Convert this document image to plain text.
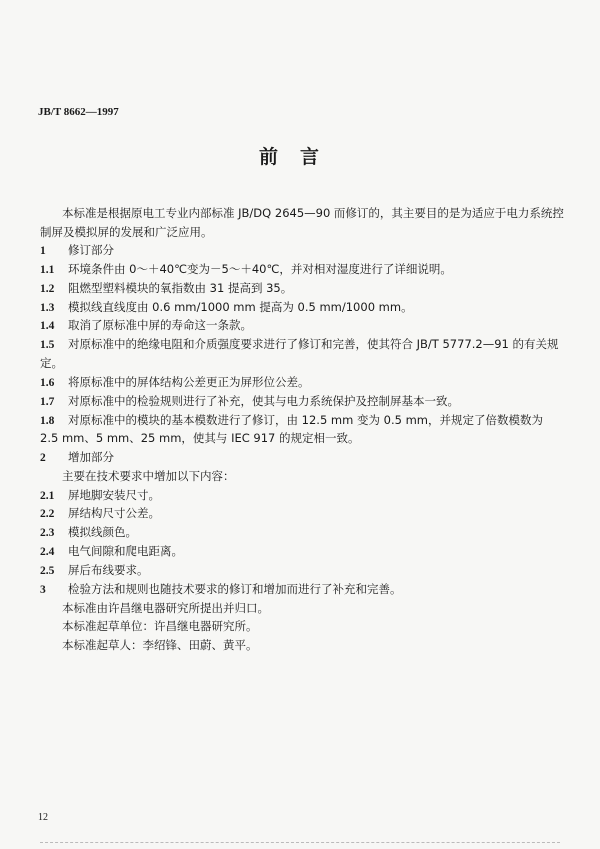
JB/T 8662—1997
前言
本标准是根据原电工专业内部标准 JB/DQ 2645—90 而修订的，其主要目的是为适应于电力系统控
制屏及模拟屏的发展和广泛应用。
1 修订部分
1.1 环境条件由 0～＋40℃变为－5～＋40℃，并对相对湿度进行了详细说明。
1.2 阻燃型塑料模块的氧指数由 31 提高到 35。
1.3 模拟线直线度由 0.6 mm/1000 mm 提高为 0.5 mm/1000 mm。
1.4 取消了原标准中屏的寿命这一条款。
1.5 对原标准中的绝缘电阻和介质强度要求进行了修订和完善，使其符合 JB/T 5777.2—91 的有关规
定。
1.6 将原标准中的屏体结构公差更正为屏形位公差。
1.7 对原标准中的检验规则进行了补充，使其与电力系统保护及控制屏基本一致。
1.8 对原标准中的模块的基本模数进行了修订，由 12.5 mm 变为 0.5 mm，并规定了倍数模数为
2.5 mm、5 mm、25 mm，使其与 IEC 917 的规定相一致。
2 增加部分
主要在技术要求中增加以下内容：
2.1 屏地脚安装尺寸。
2.2 屏结构尺寸公差。
2.3 模拟线颜色。
2.4 电气间隙和爬电距离。
2.5 屏后布线要求。
3 检验方法和规则也随技术要求的修订和增加而进行了补充和完善。
本标准由许昌继电器研究所提出并归口。
本标准起草单位：许昌继电器研究所。
本标准起草人：李绍锋、田蔚、黄平。
12
